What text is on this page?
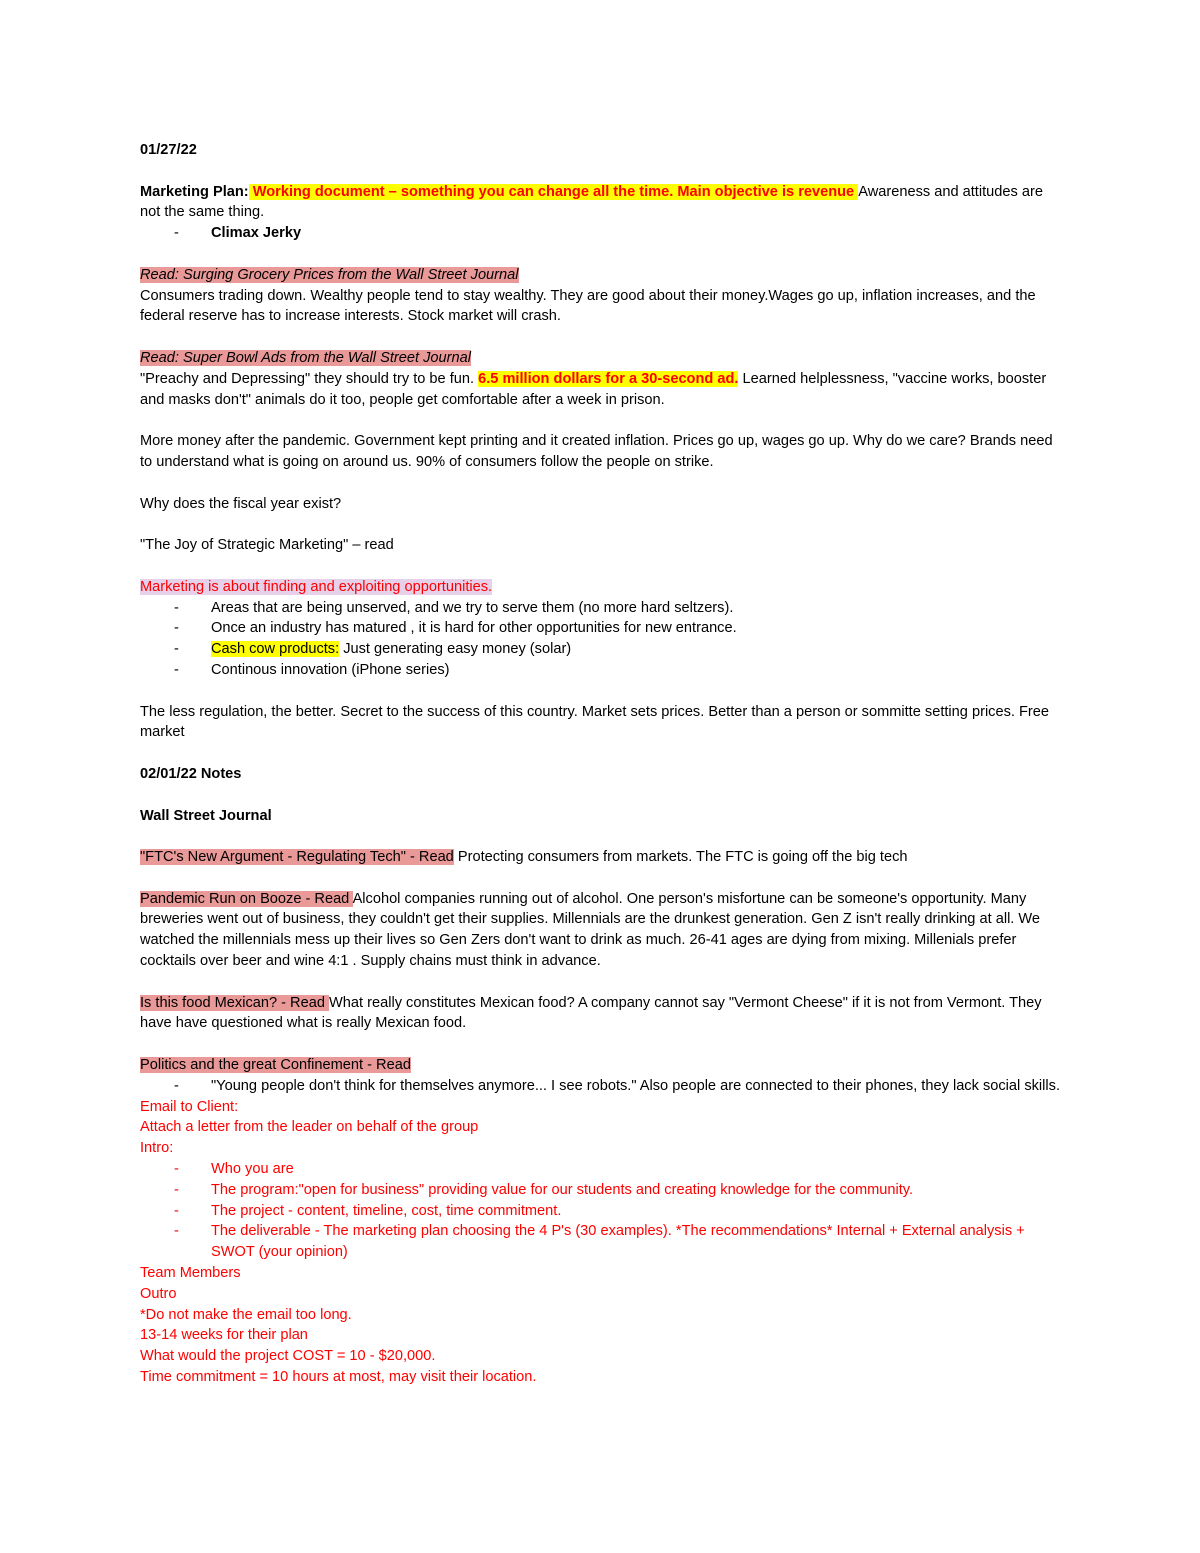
01/27/22

Marketing Plan: Working document – something you can change all the time. Main objective is revenue Awareness and attitudes are not the same thing.

- Climax Jerky

Read: Surging Grocery Prices from the Wall Street Journal

Consumers trading down. Wealthy people tend to stay wealthy. They are good about their money.Wages go up, inflation increases, and the federal reserve has to increase interests. Stock market will crash.

Read: Super Bowl Ads from the Wall Street Journal

"Preachy and Depressing" they should try to be fun. 6.5 million dollars for a 30-second ad. Learned helplessness, "vaccine works, booster and masks don't" animals do it too, people get comfortable after a week in prison.

More money after the pandemic. Government kept printing and it created inflation. Prices go up, wages go up. Why do we care? Brands need to understand what is going on around us. 90% of consumers follow the people on strike.

Why does the fiscal year exist?

"The Joy of Strategic Marketing" – read

Marketing is about finding and exploiting opportunities.

- Areas that are being unserved, and we try to serve them (no more hard seltzers).
- Once an industry has matured , it is hard for other opportunities for new entrance.
- Cash cow products: Just generating easy money (solar)
- Continous innovation (iPhone series)

The less regulation, the better. Secret to the success of this country. Market sets prices. Better than a person or sommitte setting prices. Free market

02/01/22 Notes

Wall Street Journal

"FTC's New Argument - Regulating Tech" - Read Protecting consumers from markets. The FTC is going off the big tech

Pandemic Run on Booze - Read Alcohol companies running out of alcohol. One person's misfortune can be someone's opportunity. Many breweries went out of business, they couldn't get their supplies. Millennials are the drunkest generation. Gen Z isn't really drinking at all. We watched the millennials mess up their lives so Gen Zers don't want to drink as much. 26-41 ages are dying from mixing. Millenials prefer cocktails over beer and wine 4:1 . Supply chains must think in advance.

Is this food Mexican? - Read What really constitutes Mexican food? A company cannot say "Vermont Cheese" if it is not from Vermont. They have have questioned what is really Mexican food.

Politics and the great Confinement - Read

- "Young people don't think for themselves anymore... I see robots." Also people are connected to their phones, they lack social skills.

Email to Client:

Attach a letter from the leader on behalf of the group

Intro:

- Who you are
- The program:"open for business" providing value for our students and creating knowledge for the community.
- The project - content, timeline, cost, time commitment.
- The deliverable - The marketing plan choosing the 4 P's (30 examples). *The recommendations* Internal + External analysis + SWOT (your opinion)

Team Members

Outro

*Do not make the email too long.

13-14 weeks for their plan

What would the project COST = 10 - $20,000.

Time commitment = 10 hours at most, may visit their location.
